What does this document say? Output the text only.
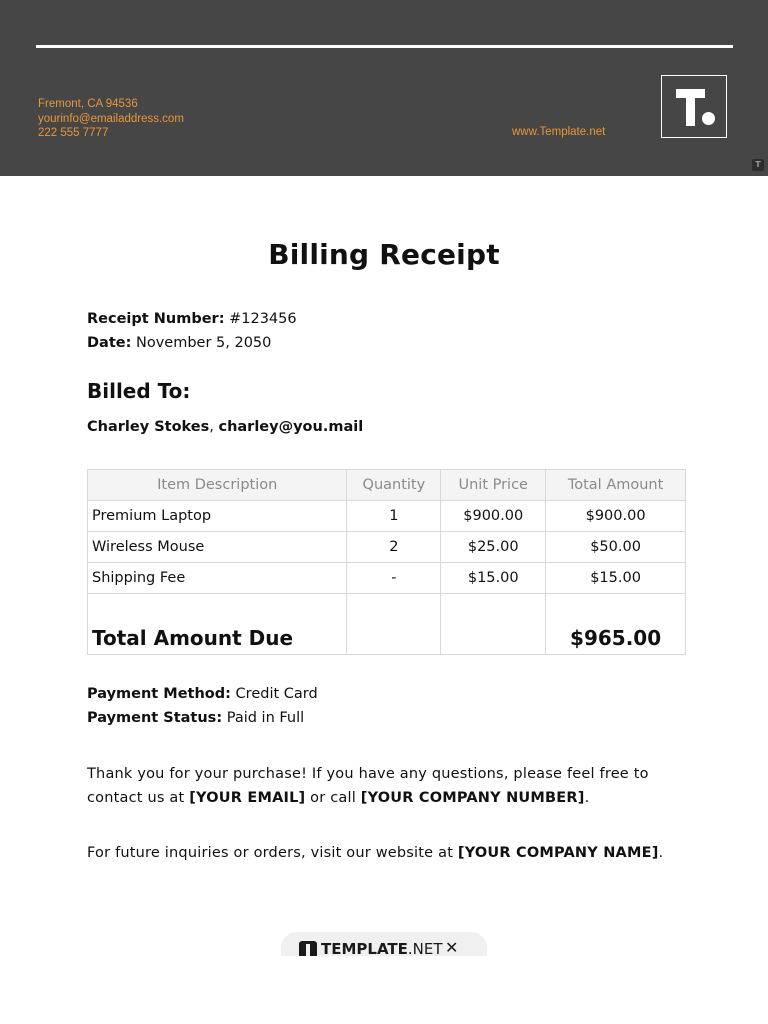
Fremont, CA 94536
yourinfo@emailaddress.com
222 555 7777	www.Template.net
T
Billing Receipt
Receipt Number: #123456
Date: November 5, 2050
Billed To:
Charley Stokes, charley@you.mail
Item Description	Quantity	Unit Price	Total Amount
Premium Laptop	1	$900.00	$900.00
Wireless Mouse	2	$25.00	$50.00
Shipping Fee	-	$15.00	$15.00
Total Amount Due			$965.00
Payment Method: Credit Card
Payment Status: Paid in Full
Thank you for your purchase! If you have any questions, please feel free to contact us at [YOUR EMAIL] or call [YOUR COMPANY NUMBER].
For future inquiries or orders, visit our website at [YOUR COMPANY NAME].
TEMPLATE.NET ✕
